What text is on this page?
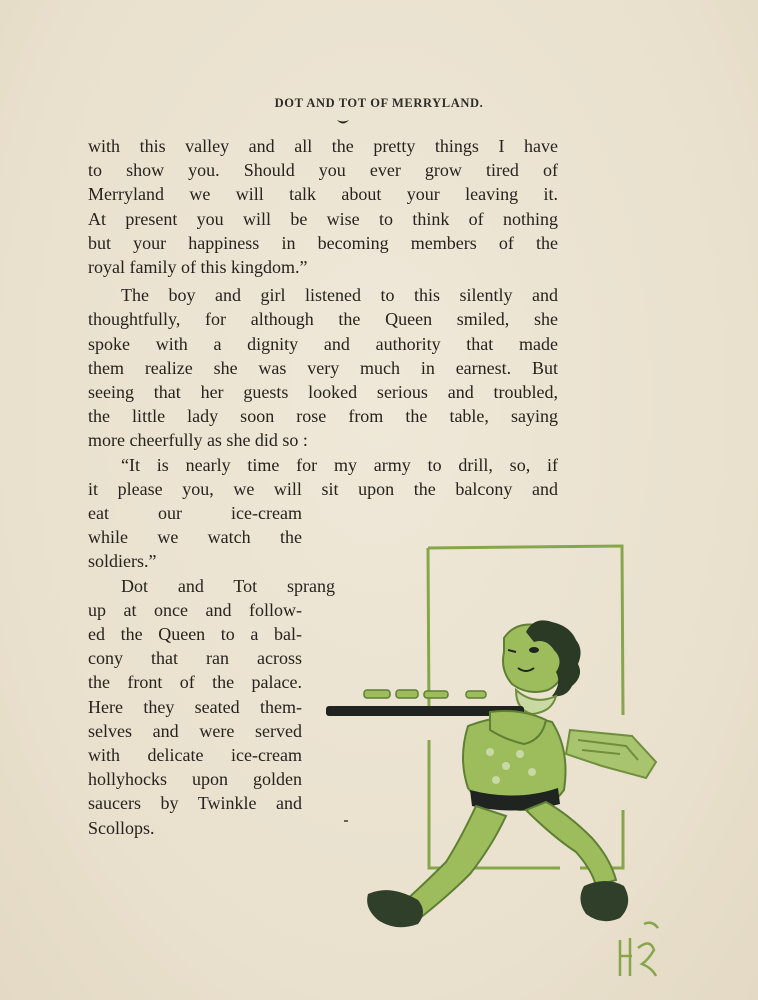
DOT AND TOT OF MERRYLAND.
with this valley and all the pretty things I have
to show you. Should you ever grow tired of
Merryland we will talk about your leaving it.
At present you will be wise to think of nothing
but your happiness in becoming members of the
royal family of this kingdom.”
The boy and girl listened to this silently and
thoughtfully, for although the Queen smiled, she
spoke with a dignity and authority that made
them realize she was very much in earnest. But
seeing that her guests looked serious and troubled,
the little lady soon rose from the table, saying
more cheerfully as she did so :
“It is nearly time for my army to drill, so, if
it please you, we will sit upon the balcony and
eat our ice-cream
while we watch the
soldiers.”
Dot and Tot sprang
up at once and follow-
ed the Queen to a bal-
cony that ran across
the front of the palace.
Here they seated them-
selves and were served
with delicate ice-cream
hollyhocks upon golden
saucers by Twinkle and
Scollops.
